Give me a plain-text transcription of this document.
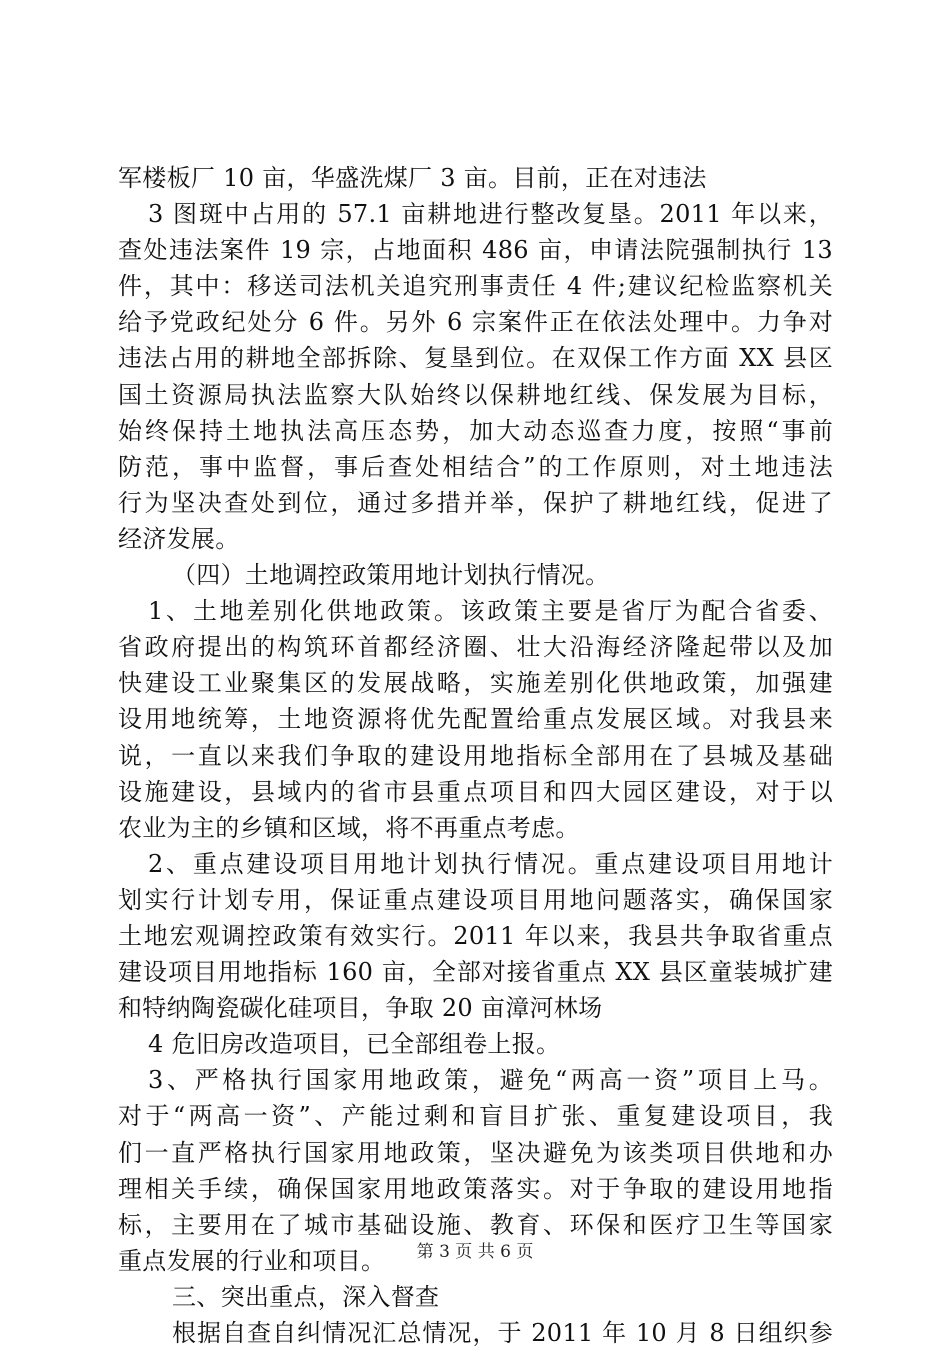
军楼板厂 10 亩，华盛洗煤厂 3 亩。目前，正在对违法
3 图斑中占用的 57.1 亩耕地进行整改复垦。2011 年以来，
查处违法案件 19 宗，占地面积 486 亩，申请法院强制执行 13
件，其中：移送司法机关追究刑事责任 4 件;建议纪检监察机关
给予党政纪处分 6 件。另外 6 宗案件正在依法处理中。力争对
违法占用的耕地全部拆除、复垦到位。在双保工作方面 XX 县区
国土资源局执法监察大队始终以保耕地红线、保发展为目标，
始终保持土地执法高压态势，加大动态巡查力度，按照“事前
防范，事中监督，事后查处相结合”的工作原则，对土地违法
行为坚决查处到位，通过多措并举，保护了耕地红线，促进了
经济发展。
（四）土地调控政策用地计划执行情况。
1、土地差别化供地政策。该政策主要是省厅为配合省委、
省政府提出的构筑环首都经济圈、壮大沿海经济隆起带以及加
快建设工业聚集区的发展战略，实施差别化供地政策，加强建
设用地统筹，土地资源将优先配置给重点发展区域。对我县来
说，一直以来我们争取的建设用地指标全部用在了县城及基础
设施建设，县域内的省市县重点项目和四大园区建设，对于以
农业为主的乡镇和区域，将不再重点考虑。
2、重点建设项目用地计划执行情况。重点建设项目用地计
划实行计划专用，保证重点建设项目用地问题落实，确保国家
土地宏观调控政策有效实行。2011 年以来，我县共争取省重点
建设项目用地指标 160 亩，全部对接省重点 XX 县区童装城扩建
和特纳陶瓷碳化硅项目，争取 20 亩漳河林场
4 危旧房改造项目，已全部组卷上报。
3、严格执行国家用地政策，避免“两高一资”项目上马。
对于“两高一资”、产能过剩和盲目扩张、重复建设项目，我
们一直严格执行国家用地政策，坚决避免为该类项目供地和办
理相关手续，确保国家用地政策落实。对于争取的建设用地指
标，主要用在了城市基础设施、教育、环保和医疗卫生等国家
重点发展的行业和项目。
三、突出重点，深入督查
根据自查自纠情况汇总情况，于 2011 年 10 月 8 日组织参
第 3 页 共 6 页
